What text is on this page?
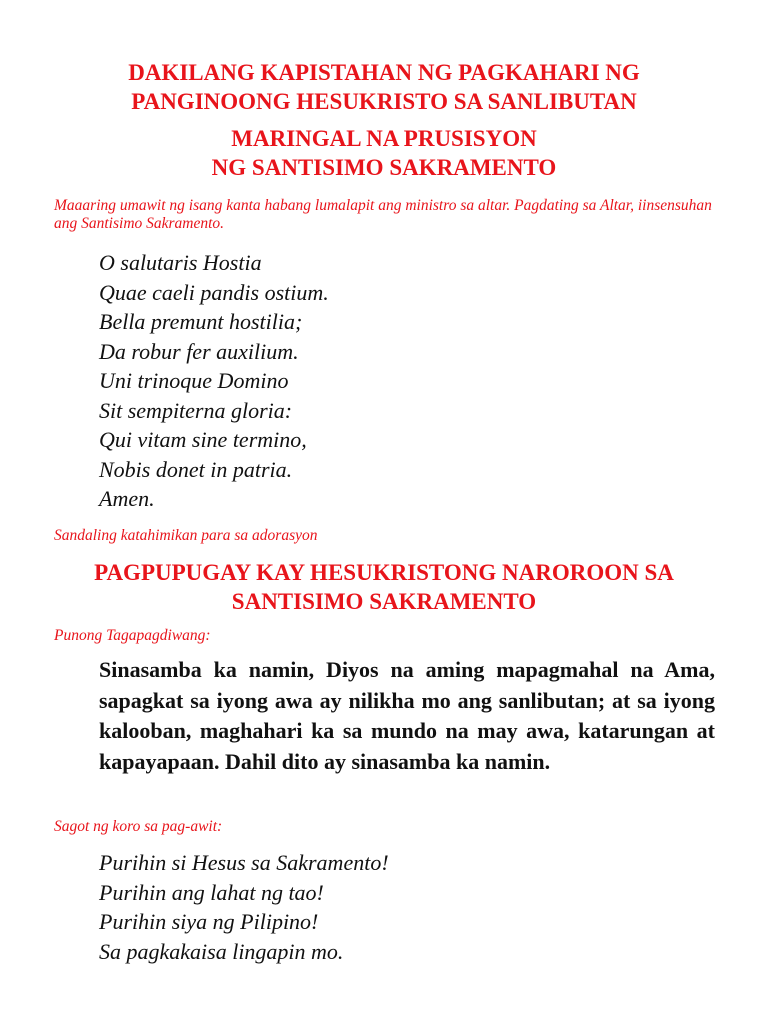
DAKILANG KAPISTAHAN NG PAGKAHARI NG
PANGINOONG HESUKRISTO SA SANLIBUTAN
MARINGAL NA PRUSISYON
NG SANTISIMO SAKRAMENTO

Maaaring umawit ng isang kanta habang lumalapit ang ministro sa altar. Pagdating sa Altar, iinsensuhan ang Santisimo Sakramento.

O salutaris Hostia
Quae caeli pandis ostium.
Bella premunt hostilia;
Da robur fer auxilium.
Uni trinoque Domino
Sit sempiterna gloria:
Qui vitam sine termino,
Nobis donet in patria.
Amen.

Sandaling katahimikan para sa adorasyon

PAGPUPUGAY KAY HESUKRISTONG NAROROON SA
SANTISIMO SAKRAMENTO

Punong Tagapagdiwang:

Sinasamba ka namin, Diyos na aming mapagmahal na Ama, sapagkat sa iyong awa ay nilikha mo ang sanlibutan; at sa iyong kalooban, maghahari ka sa mundo na may awa, katarungan at kapayapaan. Dahil dito ay sinasamba ka namin.

Sagot ng koro sa pag-awit:

Purihin si Hesus sa Sakramento!
Purihin ang lahat ng tao!
Purihin siya ng Pilipino!
Sa pagkakaisa lingapin mo.
